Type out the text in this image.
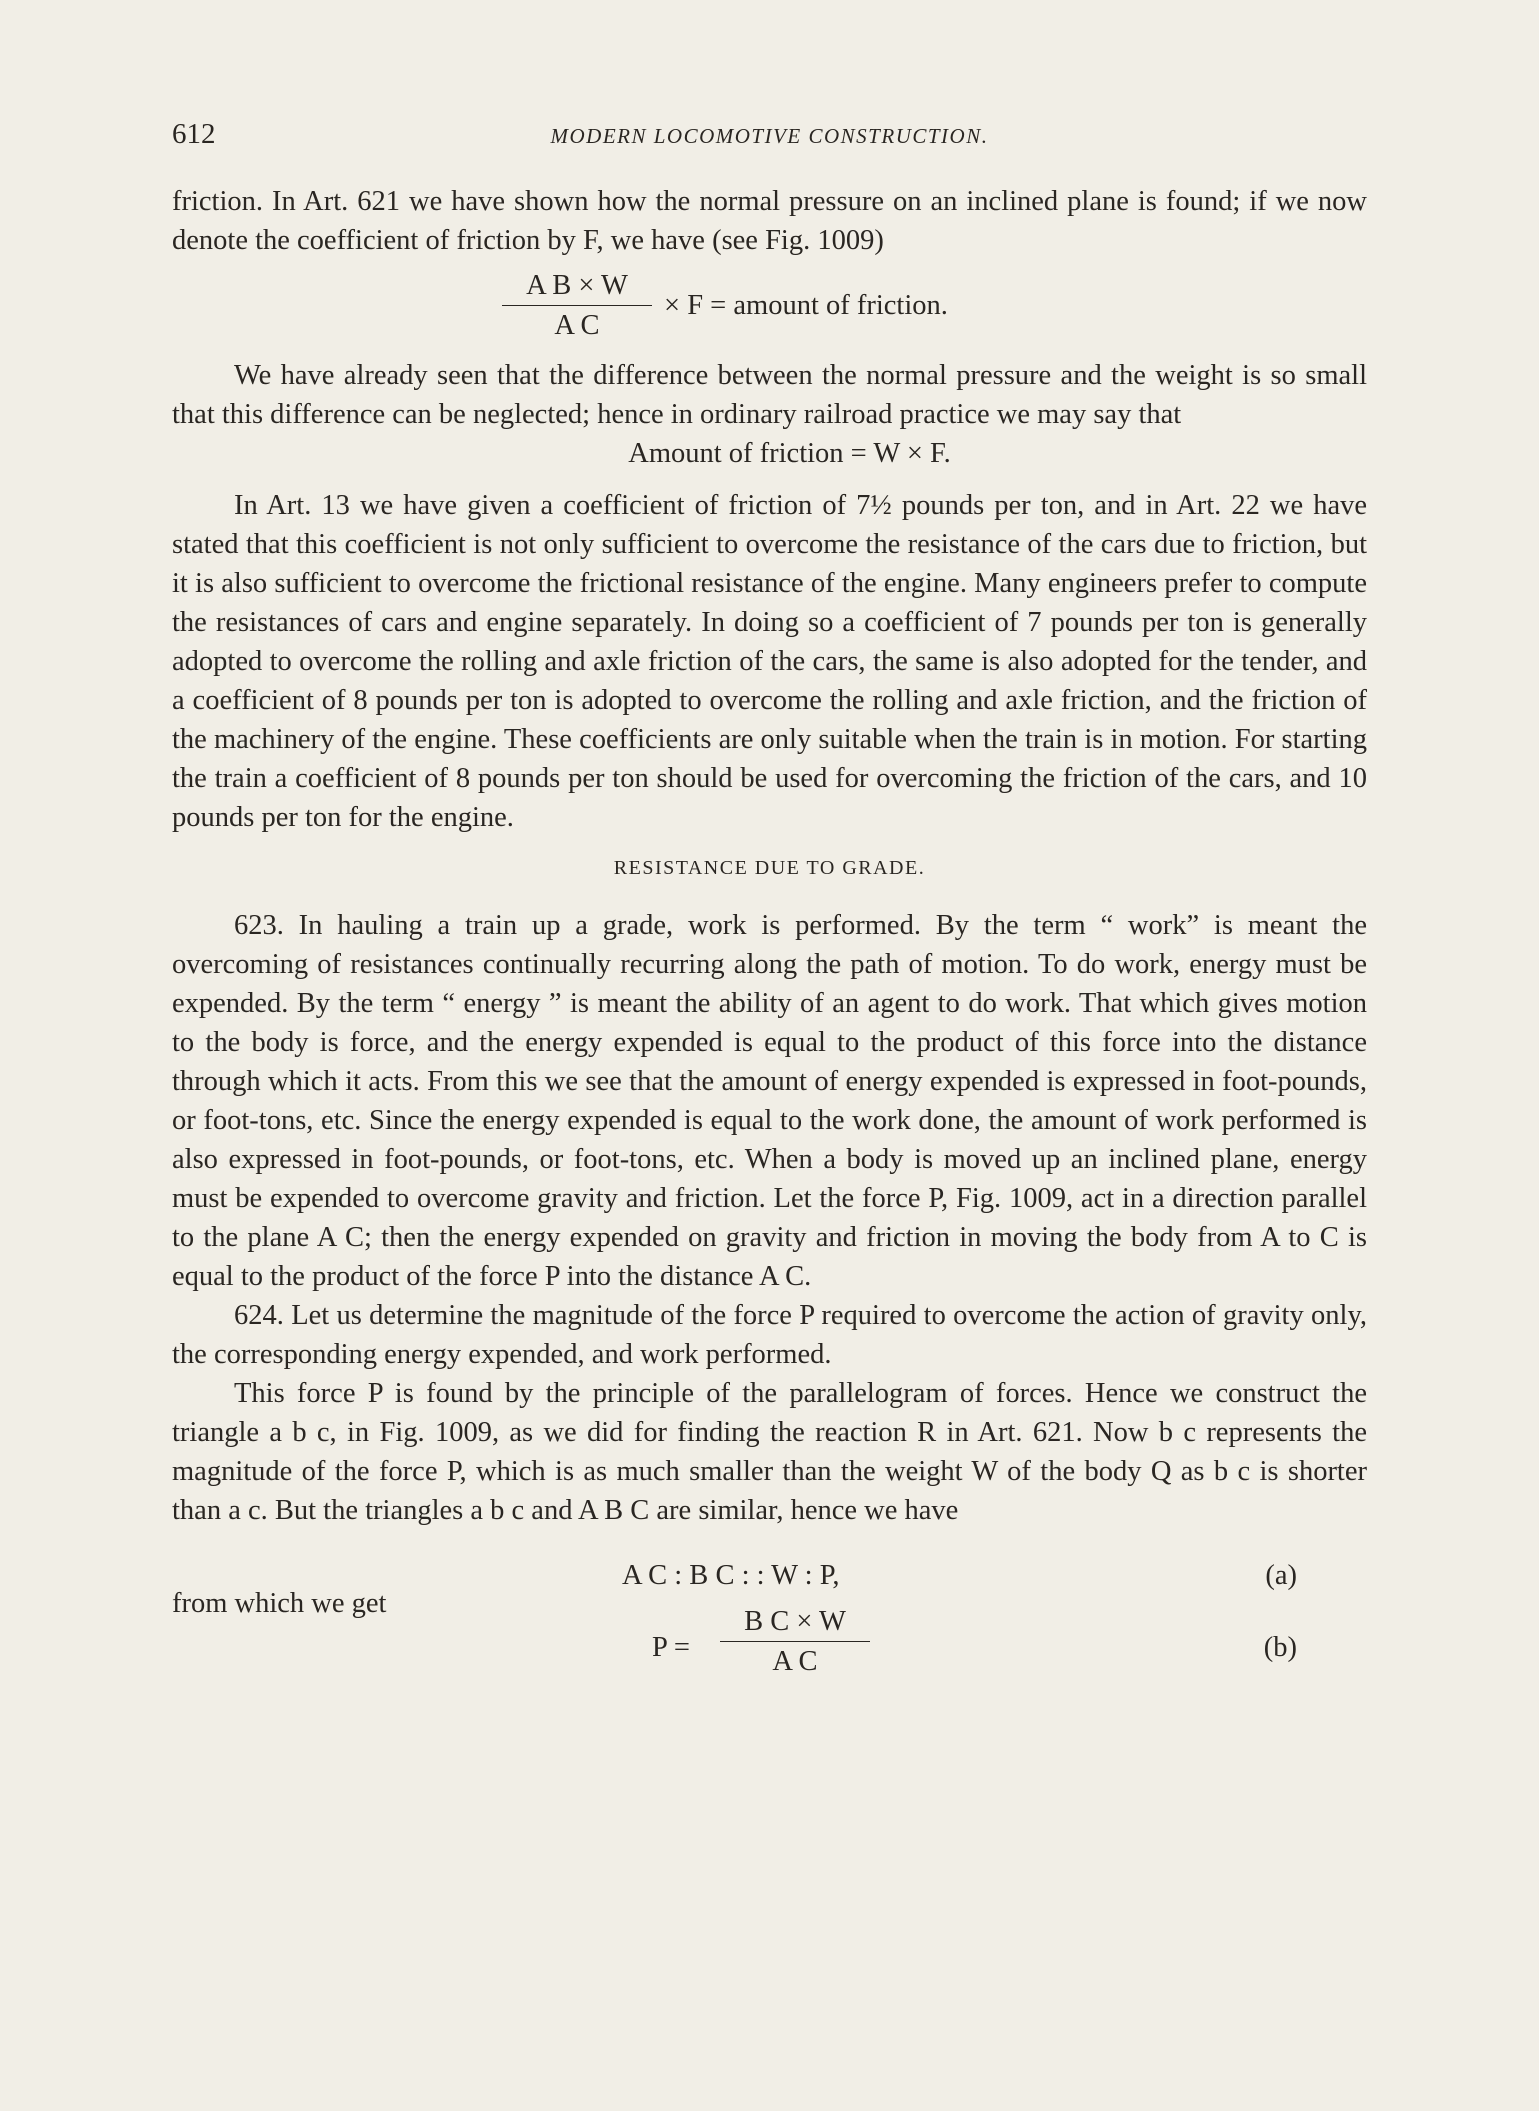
612	MODERN LOCOMOTIVE CONSTRUCTION.

friction. In Art. 621 we have shown how the normal pressure on an inclined plane is found; if we now denote the coefficient of friction by F, we have (see Fig. 1009)

A B × W
A C
× F = amount of friction.

We have already seen that the difference between the normal pressure and the weight is so small that this difference can be neglected; hence in ordinary railroad practice we may say that

Amount of friction = W × F.

In Art. 13 we have given a coefficient of friction of 7½ pounds per ton, and in Art. 22 we have stated that this coefficient is not only sufficient to overcome the resistance of the cars due to friction, but it is also sufficient to overcome the frictional resistance of the engine. Many engineers prefer to compute the resistances of cars and engine separately. In doing so a coefficient of 7 pounds per ton is generally adopted to overcome the rolling and axle friction of the cars, the same is also adopted for the tender, and a coefficient of 8 pounds per ton is adopted to overcome the rolling and axle friction, and the friction of the machinery of the engine. These coefficients are only suitable when the train is in motion. For starting the train a coefficient of 8 pounds per ton should be used for overcoming the friction of the cars, and 10 pounds per ton for the engine.

RESISTANCE DUE TO GRADE.

623. In hauling a train up a grade, work is performed. By the term “ work” is meant the overcoming of resistances continually recurring along the path of motion. To do work, energy must be expended. By the term “ energy ” is meant the ability of an agent to do work. That which gives motion to the body is force, and the energy expended is equal to the product of this force into the distance through which it acts. From this we see that the amount of energy expended is expressed in foot-pounds, or foot-tons, etc. Since the energy expended is equal to the work done, the amount of work performed is also expressed in foot-pounds, or foot-tons, etc. When a body is moved up an inclined plane, energy must be expended to overcome gravity and friction. Let the force P, Fig. 1009, act in a direction parallel to the plane A C; then the energy expended on gravity and friction in moving the body from A to C is equal to the product of the force P into the distance A C.

624. Let us determine the magnitude of the force P required to overcome the action of gravity only, the corresponding energy expended, and work performed.

This force P is found by the principle of the parallelogram of forces. Hence we construct the triangle a b c, in Fig. 1009, as we did for finding the reaction R in Art. 621. Now b c represents the magnitude of the force P, which is as much smaller than the weight W of the body Q as b c is shorter than a c. But the triangles a b c and A B C are similar, hence we have

A C : B C : : W : P,	(a)
from which we get
P =
B C × W
A C	(b)
